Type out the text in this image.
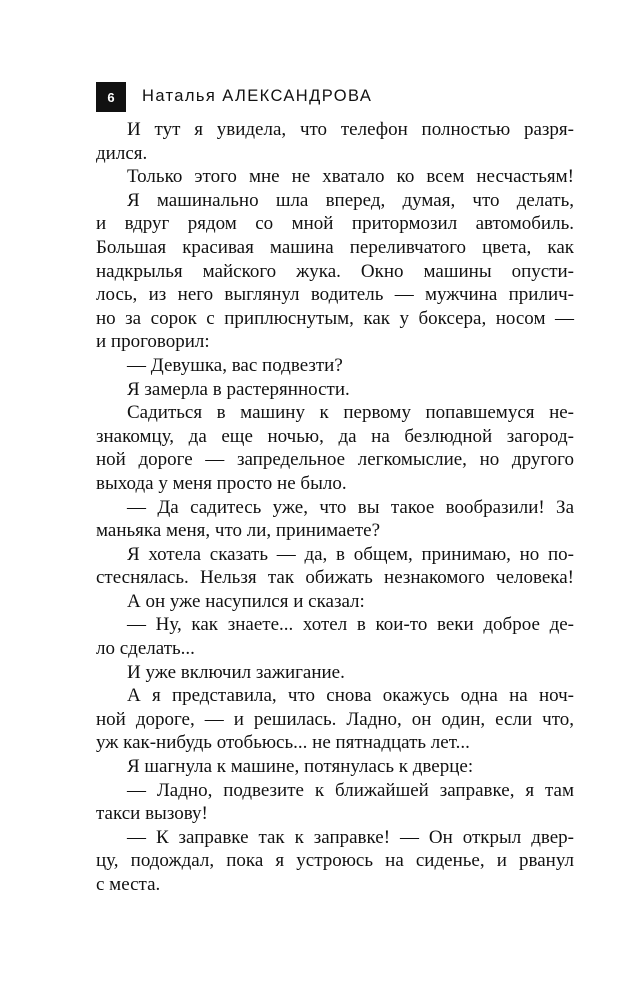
6	Наталья АЛЕКСАНДРОВА
И тут я увидела, что телефон полностью разря-
дился.
Только этого мне не хватало ко всем несчастьям!
Я машинально шла вперед, думая, что делать,
и вдруг рядом со мной притормозил автомобиль.
Большая красивая машина переливчатого цвета, как
надкрылья майского жука. Окно машины опусти-
лось, из него выглянул водитель — мужчина прилич-
но за сорок с приплюснутым, как у боксера, носом —
и проговорил:
— Девушка, вас подвезти?
Я замерла в растерянности.
Садиться в машину к первому попавшемуся не-
знакомцу, да еще ночью, да на безлюдной загород-
ной дороге — запредельное легкомыслие, но другого
выхода у меня просто не было.
— Да садитесь уже, что вы такое вообразили! За
маньяка меня, что ли, принимаете?
Я хотела сказать — да, в общем, принимаю, но по-
стеснялась. Нельзя так обижать незнакомого человека!
А он уже насупился и сказал:
— Ну, как знаете... хотел в кои-то веки доброе де-
ло сделать...
И уже включил зажигание.
А я представила, что снова окажусь одна на ноч-
ной дороге, — и решилась. Ладно, он один, если что,
уж как-нибудь отобьюсь... не пятнадцать лет...
Я шагнула к машине, потянулась к дверце:
— Ладно, подвезите к ближайшей заправке, я там
такси вызову!
— К заправке так к заправке! — Он открыл двер-
цу, подождал, пока я устроюсь на сиденье, и рванул
с места.
